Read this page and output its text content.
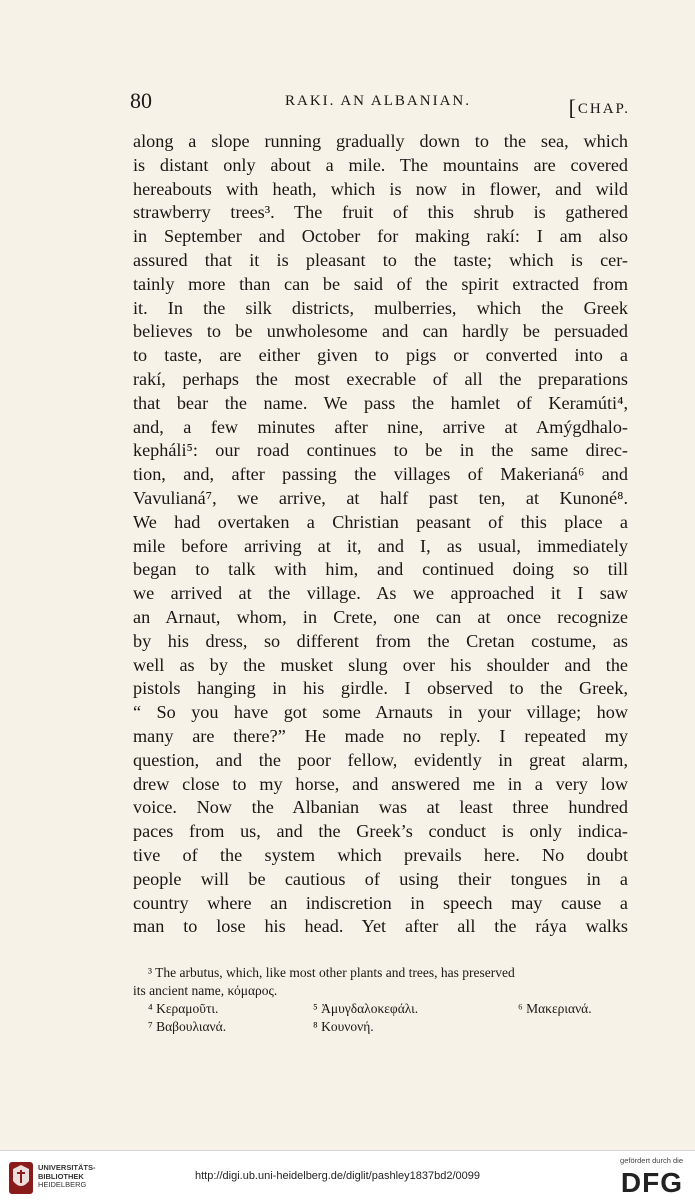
80	RAKI. AN ALBANIAN.	[CHAP.
along a slope running gradually down to the sea, which
is distant only about a mile. The mountains are covered
hereabouts with heath, which is now in flower, and wild
strawberry trees³. The fruit of this shrub is gathered
in September and October for making rakí: I am also
assured that it is pleasant to the taste; which is cer-
tainly more than can be said of the spirit extracted from
it. In the silk districts, mulberries, which the Greek
believes to be unwholesome and can hardly be persuaded
to taste, are either given to pigs or converted into a
rakí, perhaps the most execrable of all the preparations
that bear the name. We pass the hamlet of Keramúti⁴,
and, a few minutes after nine, arrive at Amýgdhalo-
kepháli⁵: our road continues to be in the same direc-
tion, and, after passing the villages of Makerianá⁶ and
Vavulianá⁷, we arrive, at half past ten, at Kunoné⁸.
We had overtaken a Christian peasant of this place a
mile before arriving at it, and I, as usual, immediately
began to talk with him, and continued doing so till
we arrived at the village. As we approached it I saw
an Arnaut, whom, in Crete, one can at once recognize
by his dress, so different from the Cretan costume, as
well as by the musket slung over his shoulder and the
pistols hanging in his girdle. I observed to the Greek,
“ So you have got some Arnauts in your village; how
many are there?” He made no reply. I repeated my
question, and the poor fellow, evidently in great alarm,
drew close to my horse, and answered me in a very low
voice. Now the Albanian was at least three hundred
paces from us, and the Greek’s conduct is only indica-
tive of the system which prevails here. No doubt
people will be cautious of using their tongues in a
country where an indiscretion in speech may cause a
man to lose his head. Yet after all the ráya walks
³ The arbutus, which, like most other plants and trees, has preserved
its ancient name, κόμαρος.
⁴ Κεραμοῦτι.	⁵ Ἀμυγδαλοκεφάλι.	⁶ Μακεριανά.
⁷ Βαβουλιανά.	⁸ Κουνονή.
UNIVERSITÄTS-
BIBLIOTHEK
HEIDELBERG
http://digi.ub.uni-heidelberg.de/diglit/pashley1837bd2/0099
gefördert durch die
DFG
